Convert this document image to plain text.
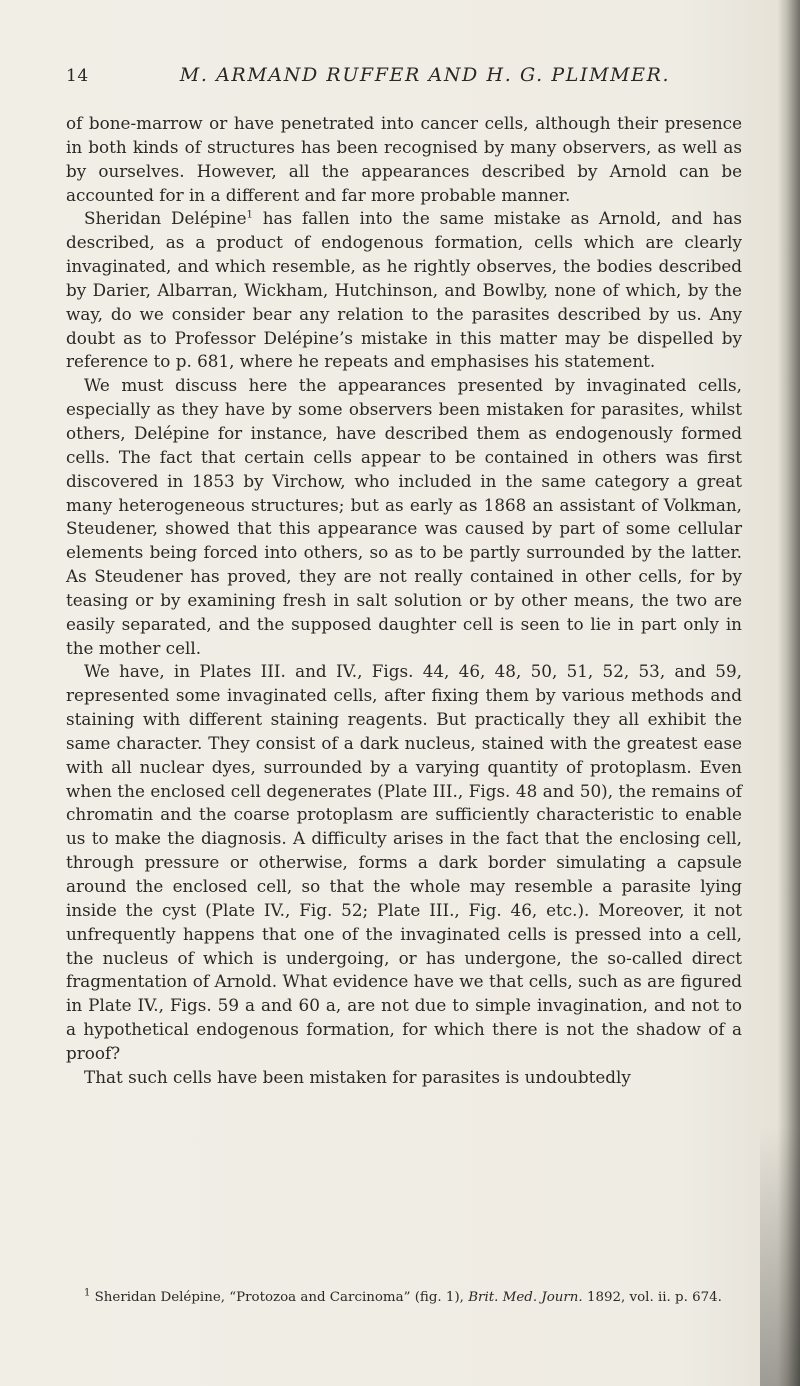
14	M. ARMAND RUFFER AND H. G. PLIMMER.

of bone-marrow or have penetrated into cancer cells, although their presence in both kinds of structures has been recognised by many observers, as well as by ourselves. However, all the appearances described by Arnold can be accounted for in a different and far more probable manner.

Sheridan Delépine$^1$ has fallen into the same mistake as Arnold, and has described, as a product of endogenous formation, cells which are clearly invaginated, and which resemble, as he rightly observes, the bodies described by Darier, Albarran, Wickham, Hutchinson, and Bowlby, none of which, by the way, do we consider bear any relation to the parasites described by us. Any doubt as to Professor Delépine’s mistake in this matter may be dispelled by reference to p. 681, where he repeats and emphasises his statement.

We must discuss here the appearances presented by invaginated cells, especially as they have by some observers been mistaken for parasites, whilst others, Delépine for instance, have described them as endogenously formed cells. The fact that certain cells appear to be contained in others was first discovered in 1853 by Virchow, who included in the same category a great many heterogeneous structures; but as early as 1868 an assistant of Volkman, Steudener, showed that this appearance was caused by part of some cellular elements being forced into others, so as to be partly surrounded by the latter. As Steudener has proved, they are not really contained in other cells, for by teasing or by examining fresh in salt solution or by other means, the two are easily separated, and the supposed daughter cell is seen to lie in part only in the mother cell.

We have, in Plates III. and IV., Figs. 44, 46, 48, 50, 51, 52, 53, and 59, represented some invaginated cells, after fixing them by various methods and staining with different staining reagents. But practically they all exhibit the same character. They consist of a dark nucleus, stained with the greatest ease with all nuclear dyes, surrounded by a varying quantity of protoplasm. Even when the enclosed cell degenerates (Plate III., Figs. 48 and 50), the remains of chromatin and the coarse protoplasm are sufficiently characteristic to enable us to make the diagnosis. A difficulty arises in the fact that the enclosing cell, through pressure or otherwise, forms a dark border simulating a capsule around the enclosed cell, so that the whole may resemble a parasite lying inside the cyst (Plate IV., Fig. 52; Plate III., Fig. 46, etc.). Moreover, it not unfrequently happens that one of the invaginated cells is pressed into a cell, the nucleus of which is undergoing, or has undergone, the so-called direct fragmentation of Arnold. What evidence have we that cells, such as are figured in Plate IV., Figs. 59 a and 60 a, are not due to simple invagination, and not to a hypothetical endogenous formation, for which there is not the shadow of a proof?

That such cells have been mistaken for parasites is undoubtedly

$^1$ Sheridan Delépine, “Protozoa and Carcinoma” (fig. 1), Brit. Med. Journ. 1892, vol. ii. p. 674.
